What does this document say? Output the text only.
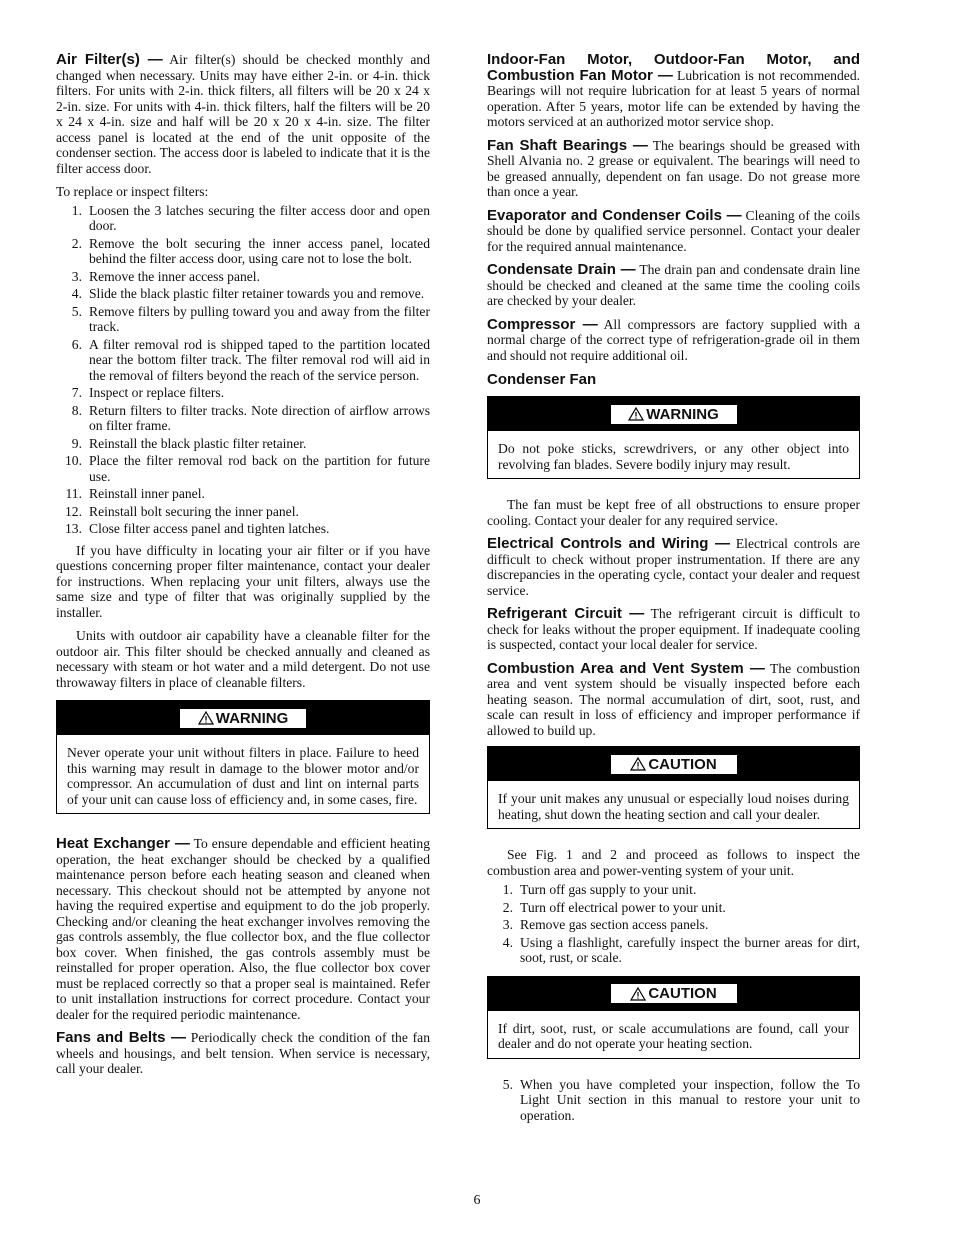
Air Filter(s) — Air filter(s) should be checked monthly and changed when necessary. Units may have either 2-in. or 4-in. thick filters. For units with 2-in. thick filters, all filters will be 20 x 24 x 2-in. size. For units with 4-in. thick filters, half the filters will be 20 x 24 x 4-in. size and half will be 20 x 20 x 4-in. size. The filter access panel is located at the end of the unit opposite of the condenser section. The access door is labeled to indicate that it is the filter access door.

To replace or inspect filters:

1. Loosen the 3 latches securing the filter access door and open door.
2. Remove the bolt securing the inner access panel, located behind the filter access door, using care not to lose the bolt.
3. Remove the inner access panel.
4. Slide the black plastic filter retainer towards you and remove.
5. Remove filters by pulling toward you and away from the filter track.
6. A filter removal rod is shipped taped to the partition located near the bottom filter track. The filter removal rod will aid in the removal of filters beyond the reach of the service person.
7. Inspect or replace filters.
8. Return filters to filter tracks. Note direction of airflow arrows on filter frame.
9. Reinstall the black plastic filter retainer.
10. Place the filter removal rod back on the partition for future use.
11. Reinstall inner panel.
12. Reinstall bolt securing the inner panel.
13. Close filter access panel and tighten latches.

If you have difficulty in locating your air filter or if you have questions concerning proper filter maintenance, contact your dealer for instructions. When replacing your unit filters, always use the same size and type of filter that was originally supplied by the installer.

Units with outdoor air capability have a cleanable filter for the outdoor air. This filter should be checked annually and cleaned as necessary with steam or hot water and a mild detergent. Do not use throwaway filters in place of cleanable filters.

WARNING

Never operate your unit without filters in place. Failure to heed this warning may result in damage to the blower motor and/or compressor. An accumulation of dust and lint on internal parts of your unit can cause loss of efficiency and, in some cases, fire.

Heat Exchanger — To ensure dependable and efficient heating operation, the heat exchanger should be checked by a qualified maintenance person before each heating season and cleaned when necessary. This checkout should not be attempted by anyone not having the required expertise and equipment to do the job properly. Checking and/or cleaning the heat exchanger involves removing the gas controls assembly, the flue collector box, and the flue collector box cover. When finished, the gas controls assembly must be reinstalled for proper operation. Also, the flue collector box cover must be replaced correctly so that a proper seal is maintained. Refer to unit installation instructions for correct procedure. Contact your dealer for the required periodic maintenance.

Fans and Belts — Periodically check the condition of the fan wheels and housings, and belt tension. When service is necessary, call your dealer.

Indoor-Fan Motor, Outdoor-Fan Motor, and Combustion Fan Motor — Lubrication is not recommended. Bearings will not require lubrication for at least 5 years of normal operation. After 5 years, motor life can be extended by having the motors serviced at an authorized motor service shop.

Fan Shaft Bearings — The bearings should be greased with Shell Alvania no. 2 grease or equivalent. The bearings will need to be greased annually, dependent on fan usage. Do not grease more than once a year.

Evaporator and Condenser Coils — Cleaning of the coils should be done by qualified service personnel. Contact your dealer for the required annual maintenance.

Condensate Drain — The drain pan and condensate drain line should be checked and cleaned at the same time the cooling coils are checked by your dealer.

Compressor — All compressors are factory supplied with a normal charge of the correct type of refrigeration-grade oil in them and should not require additional oil.

Condenser Fan
WARNING

Do not poke sticks, screwdrivers, or any other object into revolving fan blades. Severe bodily injury may result.

The fan must be kept free of all obstructions to ensure proper cooling. Contact your dealer for any required service.

Electrical Controls and Wiring — Electrical controls are difficult to check without proper instrumentation. If there are any discrepancies in the operating cycle, contact your dealer and request service.

Refrigerant Circuit — The refrigerant circuit is difficult to check for leaks without the proper equipment. If inadequate cooling is suspected, contact your local dealer for service.

Combustion Area and Vent System — The combustion area and vent system should be visually inspected before each heating season. The normal accumulation of dirt, soot, rust, and scale can result in loss of efficiency and improper performance if allowed to build up.

CAUTION

If your unit makes any unusual or especially loud noises during heating, shut down the heating section and call your dealer.

See Fig. 1 and 2 and proceed as follows to inspect the combustion area and power-venting system of your unit.

1. Turn off gas supply to your unit.
2. Turn off electrical power to your unit.
3. Remove gas section access panels.
4. Using a flashlight, carefully inspect the burner areas for dirt, soot, rust, or scale.
CAUTION

If dirt, soot, rust, or scale accumulations are found, call your dealer and do not operate your heating section.

5. When you have completed your inspection, follow the To Light Unit section in this manual to restore your unit to operation.
6
